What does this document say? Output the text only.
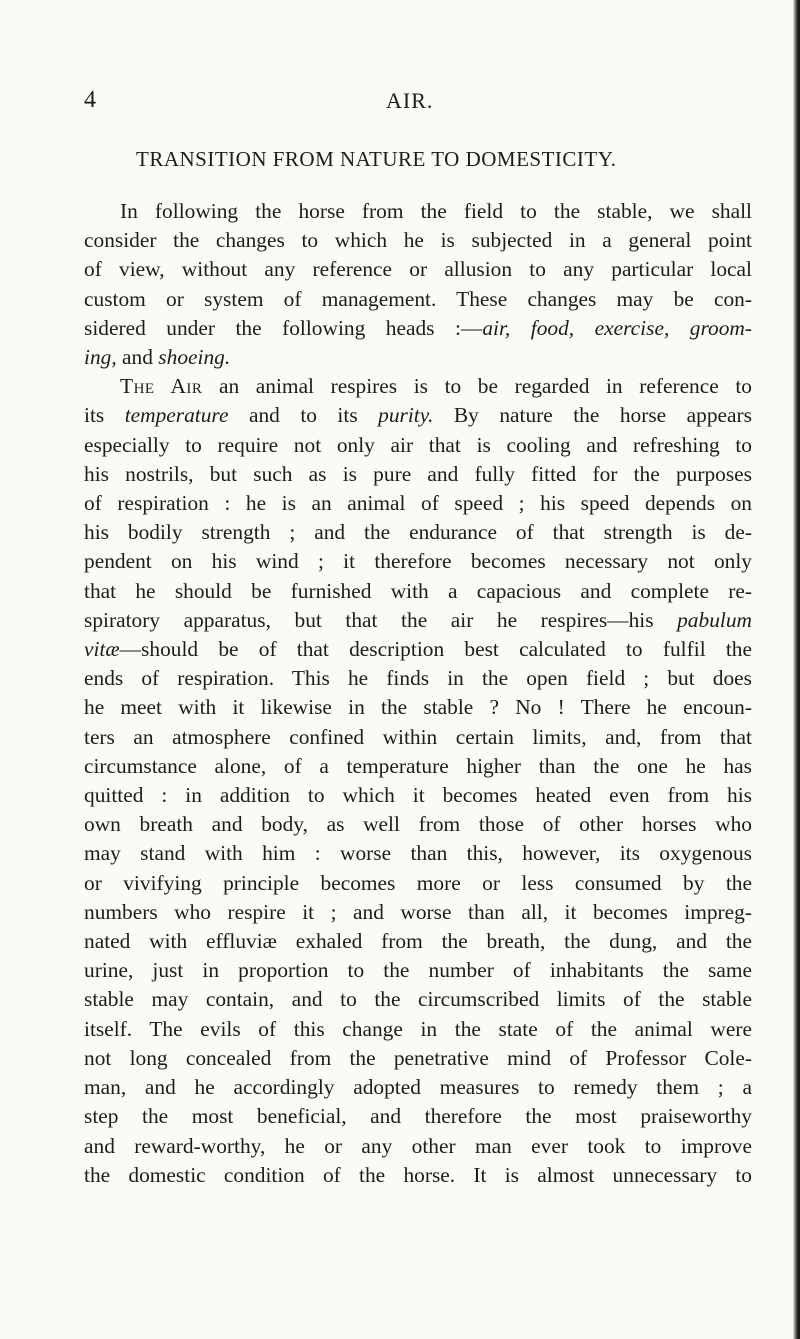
4	AIR.
TRANSITION FROM NATURE TO DOMESTICITY.
In following the horse from the field to the stable, we shall
consider the changes to which he is subjected in a general point
of view, without any reference or allusion to any particular local
custom or system of management. These changes may be con-
sidered under the following heads :—air, food, exercise, groom-
ing, and shoeing.
The Air an animal respires is to be regarded in reference to
its temperature and to its purity. By nature the horse appears
especially to require not only air that is cooling and refreshing to
his nostrils, but such as is pure and fully fitted for the purposes
of respiration : he is an animal of speed ; his speed depends on
his bodily strength ; and the endurance of that strength is de-
pendent on his wind ; it therefore becomes necessary not only
that he should be furnished with a capacious and complete re-
spiratory apparatus, but that the air he respires—his pabulum
vitæ—should be of that description best calculated to fulfil the
ends of respiration. This he finds in the open field ; but does
he meet with it likewise in the stable ? No ! There he encoun-
ters an atmosphere confined within certain limits, and, from that
circumstance alone, of a temperature higher than the one he has
quitted : in addition to which it becomes heated even from his
own breath and body, as well from those of other horses who
may stand with him : worse than this, however, its oxygenous
or vivifying principle becomes more or less consumed by the
numbers who respire it ; and worse than all, it becomes impreg-
nated with effluviæ exhaled from the breath, the dung, and the
urine, just in proportion to the number of inhabitants the same
stable may contain, and to the circumscribed limits of the stable
itself. The evils of this change in the state of the animal were
not long concealed from the penetrative mind of Professor Cole-
man, and he accordingly adopted measures to remedy them ; a
step the most beneficial, and therefore the most praiseworthy
and reward-worthy, he or any other man ever took to improve
the domestic condition of the horse. It is almost unnecessary to
